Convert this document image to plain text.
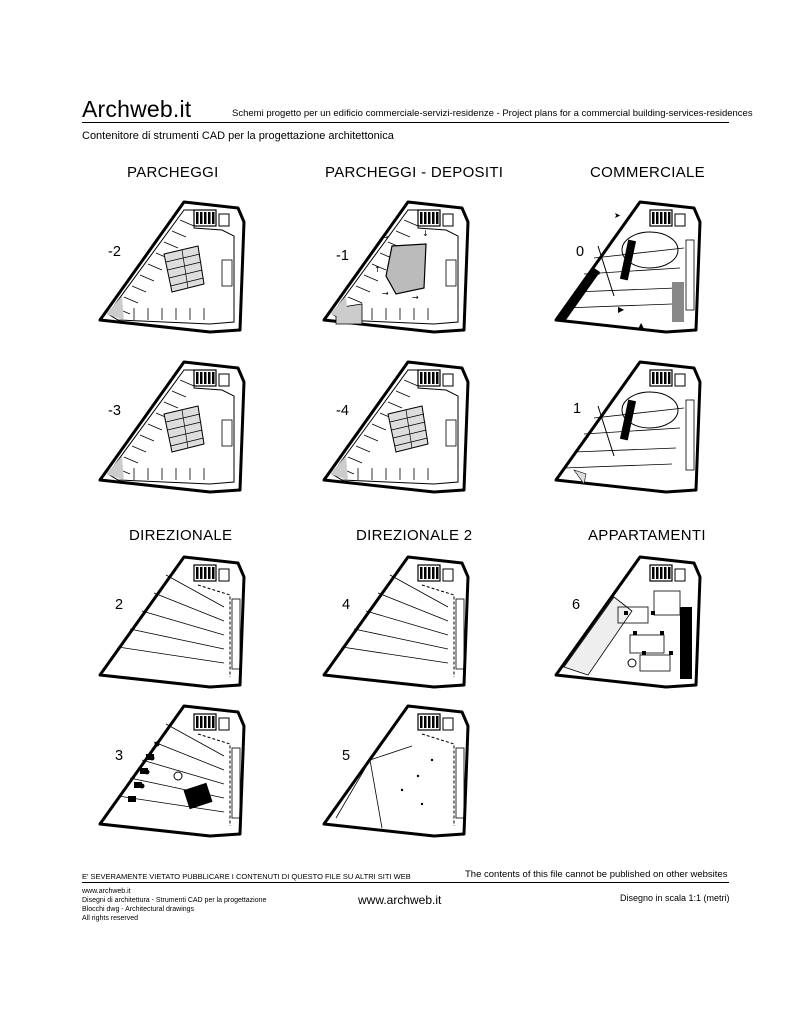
Archweb.it	Schemi progetto per un edificio commerciale-servizi-residenze - Project plans for a commercial building-services-residences
Contenitore di strumenti CAD per la progettazione architettonica
PARCHEGGI	PARCHEGGI - DEPOSITI	COMMERCIALE
DIREZIONALE	DIREZIONALE 2	APPARTAMENTI
-2	-1	0
-3	-4	1
2	4	6
3	5
→	↓
→
→
↑
➤
▲
▶
▶
E' SEVERAMENTE VIETATO PUBBLICARE I CONTENUTI DI QUESTO FILE SU ALTRI SITI WEB	The contents of this file cannot be published on other websites
www.archweb.it
Disegni di architettura - Strumenti CAD per la progettazione
Blocchi dwg - Architectural drawings
All rights reserved
www.archweb.it	Disegno in scala 1:1 (metri)
